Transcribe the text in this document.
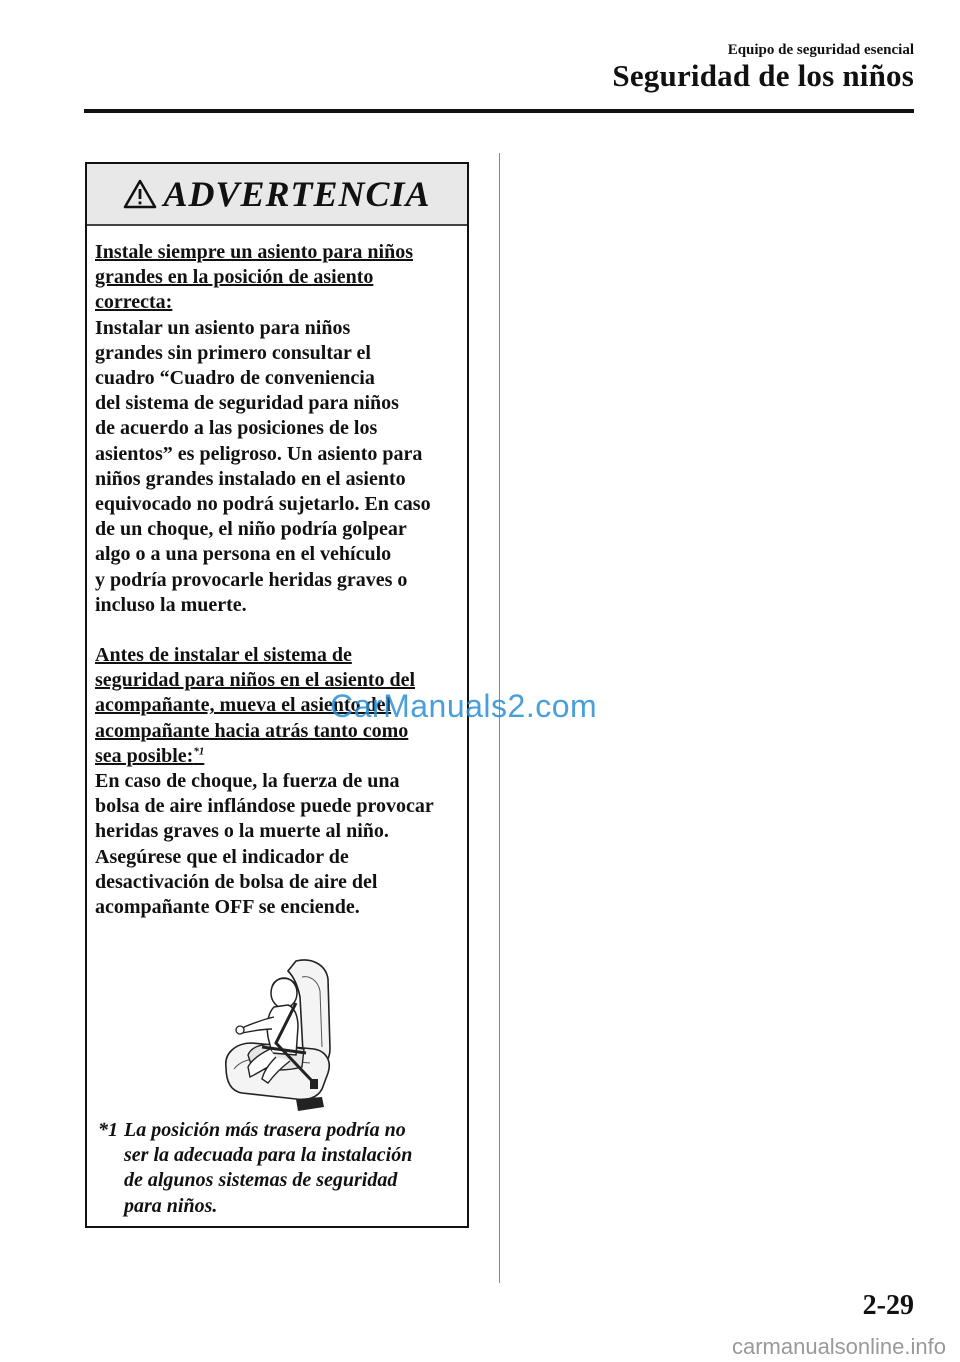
Equipo de seguridad esencial
Seguridad de los niños
ADVERTENCIA

Instale siempre un asiento para niños

grandes en la posición de asiento

correcta:

Instalar un asiento para niños

grandes sin primero consultar el

cuadro “Cuadro de conveniencia

del sistema de seguridad para niños

de acuerdo a las posiciones de los

asientos” es peligroso. Un asiento para

niños grandes instalado en el asiento

equivocado no podrá sujetarlo. En caso

de un choque, el niño podría golpear

algo o a una persona en el vehículo

y podría provocarle heridas graves o

incluso la muerte.

Antes de instalar el sistema de

seguridad para niños en el asiento del

acompañante, mueva el asiento del

acompañante hacia atrás tanto como

sea posible:$^{*1}$

En caso de choque, la fuerza de una

bolsa de aire inflándose puede provocar

heridas graves o la muerte al niño.

Asegúrese que el indicador de

desactivación de bolsa de aire del

acompañante OFF se enciende.

*1 La posición más trasera podría no

ser la adecuada para la instalación

de algunos sistemas de seguridad

para niños.

CarManuals2.com
2-29
carmanualsonline.info
